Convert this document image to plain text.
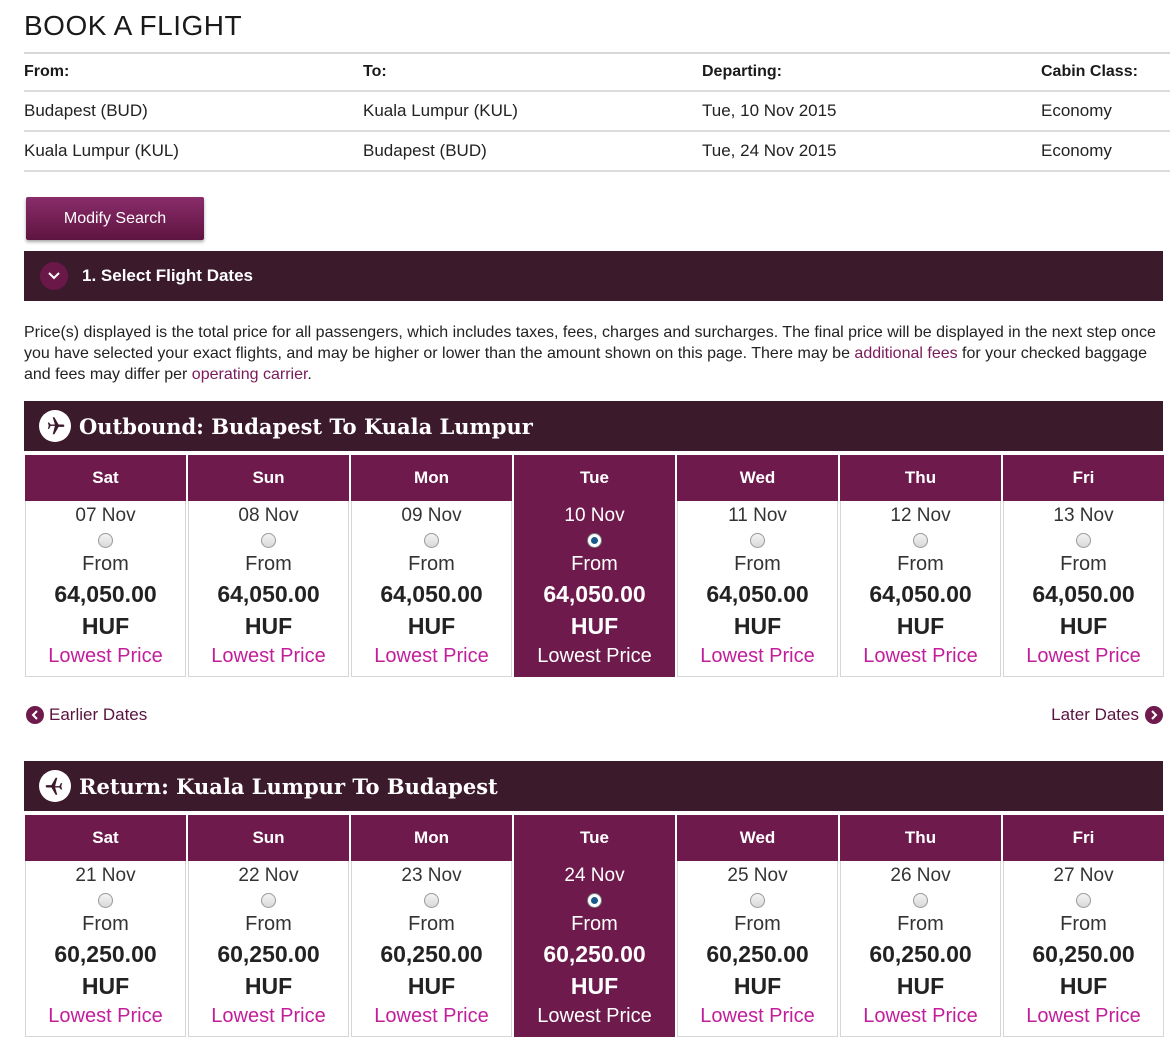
BOOK A FLIGHT
From:	To:	Departing:	Cabin Class:
Budapest (BUD)	Kuala Lumpur (KUL)	Tue, 10 Nov 2015	Economy
Kuala Lumpur (KUL)	Budapest (BUD)	Tue, 24 Nov 2015	Economy
Modify Search
1. Select Flight Dates

Price(s) displayed is the total price for all passengers, which includes taxes, fees, charges and surcharges. The final price will be displayed in the next step once you have selected your exact flights, and may be higher or lower than the amount shown on this page. There may be additional fees for your checked baggage and fees may differ per operating carrier.

Outbound: Budapest To Kuala Lumpur
Sat
07 Nov
From
64,050.00
HUF
Lowest Price
Sun
08 Nov
From
64,050.00
HUF
Lowest Price
Mon
09 Nov
From
64,050.00
HUF
Lowest Price
Tue
10 Nov
From
64,050.00
HUF
Lowest Price
Wed
11 Nov
From
64,050.00
HUF
Lowest Price
Thu
12 Nov
From
64,050.00
HUF
Lowest Price
Fri
13 Nov
From
64,050.00
HUF
Lowest Price
Earlier Dates	Later Dates
Return: Kuala Lumpur To Budapest
Sat
21 Nov
From
60,250.00
HUF
Lowest Price
Sun
22 Nov
From
60,250.00
HUF
Lowest Price
Mon
23 Nov
From
60,250.00
HUF
Lowest Price
Tue
24 Nov
From
60,250.00
HUF
Lowest Price
Wed
25 Nov
From
60,250.00
HUF
Lowest Price
Thu
26 Nov
From
60,250.00
HUF
Lowest Price
Fri
27 Nov
From
60,250.00
HUF
Lowest Price
